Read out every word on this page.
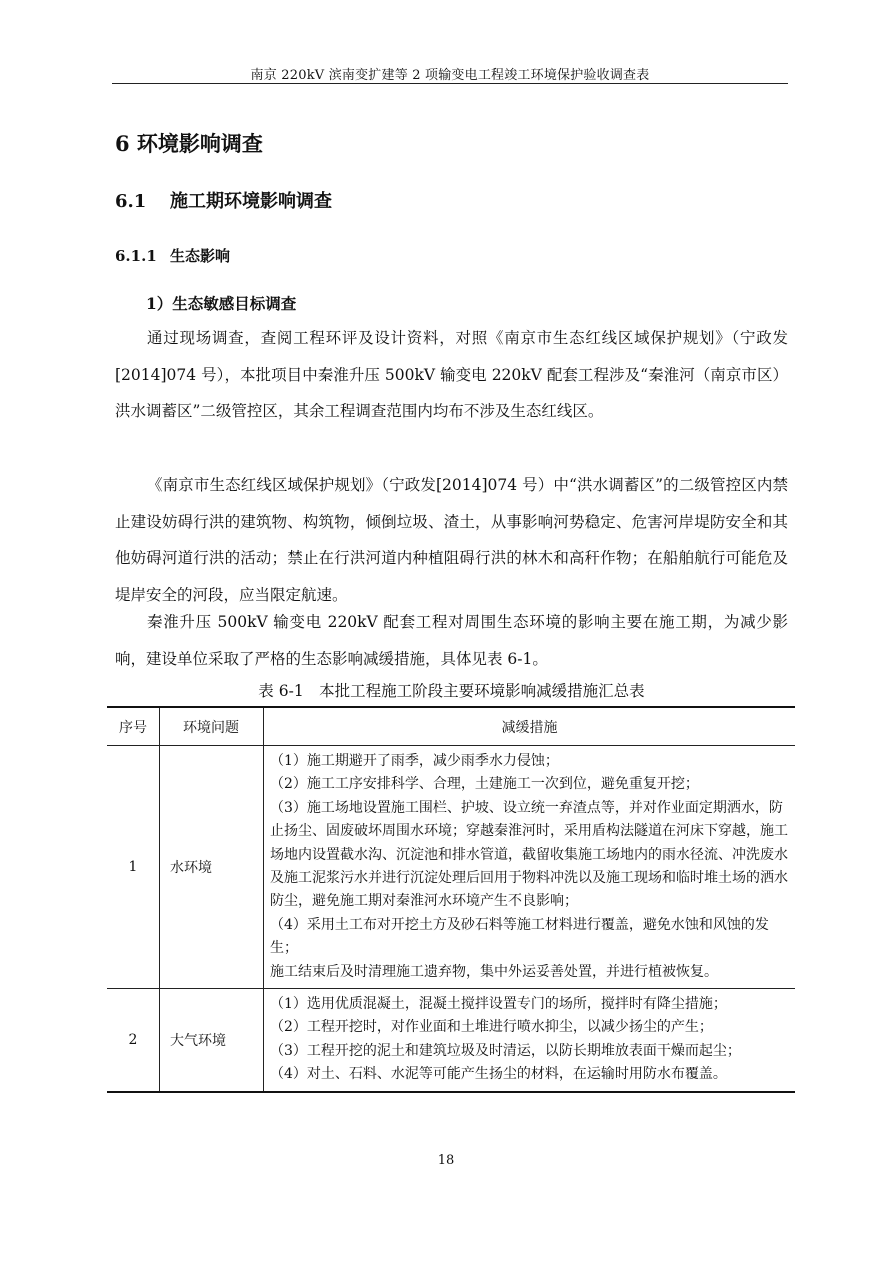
南京 220kV 滨南变扩建等 2 项输变电工程竣工环境保护验收调查表
6 环境影响调查
6.1 施工期环境影响调查
6.1.1 生态影响
1）生态敏感目标调查
通过现场调查，查阅工程环评及设计资料，对照《南京市生态红线区域保护规划》（宁政发[2014]074 号），本批项目中秦淮升压 500kV 输变电 220kV 配套工程涉及“秦淮河（南京市区）洪水调蓄区”二级管控区，其余工程调查范围内均布不涉及生态红线区。
《南京市生态红线区域保护规划》（宁政发[2014]074 号）中“洪水调蓄区”的二级管控区内禁止建设妨碍行洪的建筑物、构筑物，倾倒垃圾、渣土，从事影响河势稳定、危害河岸堤防安全和其他妨碍河道行洪的活动；禁止在行洪河道内种植阻碍行洪的林木和高秆作物；在船舶航行可能危及堤岸安全的河段，应当限定航速。
秦淮升压 500kV 输变电 220kV 配套工程对周围生态环境的影响主要在施工期，为减少影响，建设单位采取了严格的生态影响减缓措施，具体见表 6-1。
表 6-1　本批工程施工阶段主要环境影响减缓措施汇总表
序号	环境问题	减缓措施
1	水环境	（1）施工期避开了雨季，减少雨季水力侵蚀；
（2）施工工序安排科学、合理，土建施工一次到位，避免重复开挖；
（3）施工场地设置施工围栏、护坡、设立统一弃渣点等，并对作业面定期洒水，防止扬尘、固废破坏周围水环境；穿越秦淮河时，采用盾构法隧道在河床下穿越，施工场地内设置截水沟、沉淀池和排水管道，截留收集施工场地内的雨水径流、冲洗废水及施工泥浆污水并进行沉淀处理后回用于物料冲洗以及施工现场和临时堆土场的洒水防尘，避免施工期对秦淮河水环境产生不良影响；
（4）采用土工布对开挖土方及砂石料等施工材料进行覆盖，避免水蚀和风蚀的发生；
施工结束后及时清理施工遗弃物，集中外运妥善处置，并进行植被恢复。

2	大气环境	（1）选用优质混凝土，混凝土搅拌设置专门的场所，搅拌时有降尘措施；
（2）工程开挖时，对作业面和土堆进行喷水抑尘，以减少扬尘的产生；
（3）工程开挖的泥土和建筑垃圾及时清运，以防长期堆放表面干燥而起尘；
（4）对土、石料、水泥等可能产生扬尘的材料，在运输时用防水布覆盖。
18
